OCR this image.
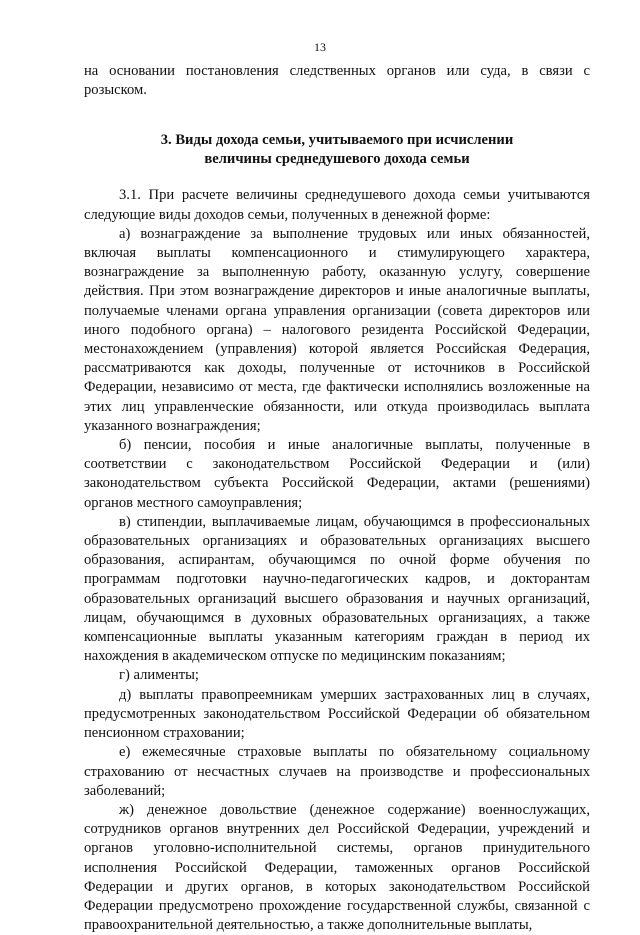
13

на основании постановления следственных органов или суда, в связи с розыском.

3. Виды дохода семьи, учитываемого при исчислении
величины среднедушевого дохода семьи

3.1. При расчете величины среднедушевого дохода семьи учитываются следующие виды доходов семьи, полученных в денежной форме:

а) вознаграждение за выполнение трудовых или иных обязанностей, включая выплаты компенсационного и стимулирующего характера, вознаграждение за выполненную работу, оказанную услугу, совершение действия. При этом вознаграждение директоров и иные аналогичные выплаты, получаемые членами органа управления организации (совета директоров или иного подобного органа) – налогового резидента Российской Федерации, местонахождением (управления) которой является Российская Федерация, рассматриваются как доходы, полученные от источников в Российской Федерации, независимо от места, где фактически исполнялись возложенные на этих лиц управленческие обязанности, или откуда производилась выплата указанного вознаграждения;

б) пенсии, пособия и иные аналогичные выплаты, полученные в соответствии с законодательством Российской Федерации и (или) законодательством субъекта Российской Федерации, актами (решениями) органов местного самоуправления;

в) стипендии, выплачиваемые лицам, обучающимся в профессиональных образовательных организациях и образовательных организациях высшего образования, аспирантам, обучающимся по очной форме обучения по программам подготовки научно-педагогических кадров, и докторантам образовательных организаций высшего образования и научных организаций, лицам, обучающимся в духовных образовательных организациях, а также компенсационные выплаты указанным категориям граждан в период их нахождения в академическом отпуске по медицинским показаниям;

г) алименты;

д) выплаты правопреемникам умерших застрахованных лиц в случаях, предусмотренных законодательством Российской Федерации об обязательном пенсионном страховании;

е) ежемесячные страховые выплаты по обязательному социальному страхованию от несчастных случаев на производстве и профессиональных заболеваний;

ж) денежное довольствие (денежное содержание) военнослужащих, сотрудников органов внутренних дел Российской Федерации, учреждений и органов уголовно-исполнительной системы, органов принудительного исполнения Российской Федерации, таможенных органов Российской Федерации и других органов, в которых законодательством Российской Федерации предусмотрено прохождение государственной службы, связанной с правоохранительной деятельностью, а также дополнительные выплаты,
